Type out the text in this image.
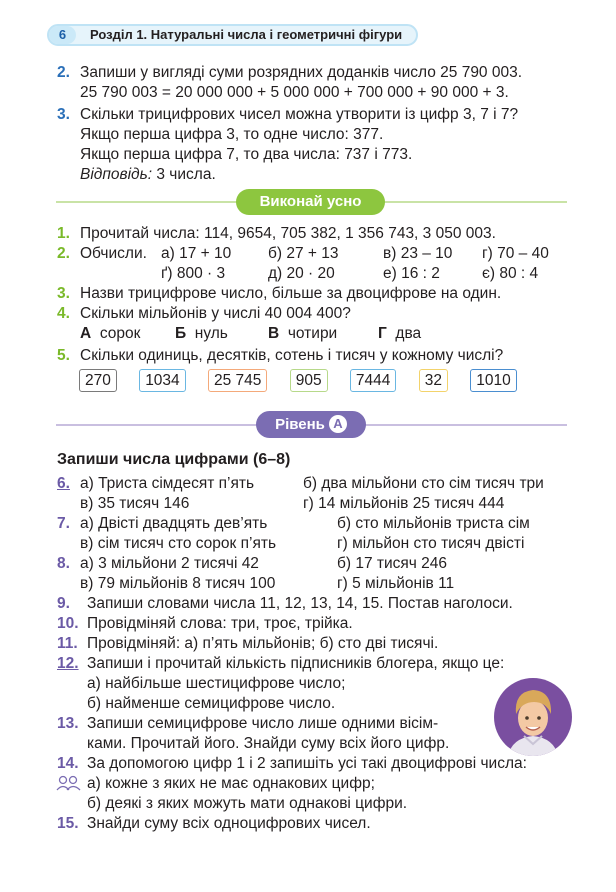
6	Розділ 1. Натуральні числа і геометричні фігури
2. Запиши у вигляді суми розрядних доданків число 25 790 003.
25 790 003 = 20 000 000 + 5 000 000 + 700 000 + 90 000 + 3.
3. Скільки трицифрових чисел можна утворити із цифр 3, 7 і 7?
Якщо перша цифра 3, то одне число: 377.
Якщо перша цифра 7, то два числа: 737 і 773.
Відповідь: 3 числа.
Виконай усно
1. Прочитай числа: 114, 9654, 705 382, 1 356 743, 3 050 003.
2. Обчисли. а) 17 + 10 б) 27 + 13	в) 23 – 10 г) 70 – 40
ґ) 800 · 3	д) 20 · 20	е) 16 : 2	є) 80 : 4
3. Назви трицифрове число, більше за двоцифрове на один.
4. Скільки мільйонів у числі 40 004 400?
А сорок Б нуль	В чотири	Г два
5. Скільки одиниць, десятків, сотень і тисяч у кожному числі?
270 1034 25 745 905 7444 32 1010
Рівень А
Запиши числа цифрами (6–8)
6. а) Триста сімдесят п’ять	б) два мільйони сто сім тисяч три
в) 35 тисяч 146	г) 14 мільйонів 25 тисяч 444
7. а) Двісті двадцять дев’ять	б) сто мільйонів триста сім
в) сім тисяч сто сорок п’ять	г) мільйон сто тисяч двісті
8. а) 3 мільйони 2 тисячі 42	б) 17 тисяч 246
в) 79 мільйонів 8 тисяч 100	г) 5 мільйонів 11
9. Запиши словами числа 11, 12, 13, 14, 15. Постав наголоси.
10. Провідміняй слова: три, троє, трійка.
11. Провідміняй: а) п’ять мільйонів; б) сто дві тисячі.
12. Запиши і прочитай кількість підписників блогера, якщо це:
а) найбільше шестицифрове число;
б) найменше семицифрове число.
13. Запиши семицифрове число лише одними вісім-
ками. Прочитай його. Знайди суму всіх його цифр.
14. За допомогою цифр 1 і 2 запишіть усі такі двоцифрові числа:
а) кожне з яких не має однакових цифр;
б) деякі з яких можуть мати однакові цифри.
15. Знайди суму всіх одноцифрових чисел.
